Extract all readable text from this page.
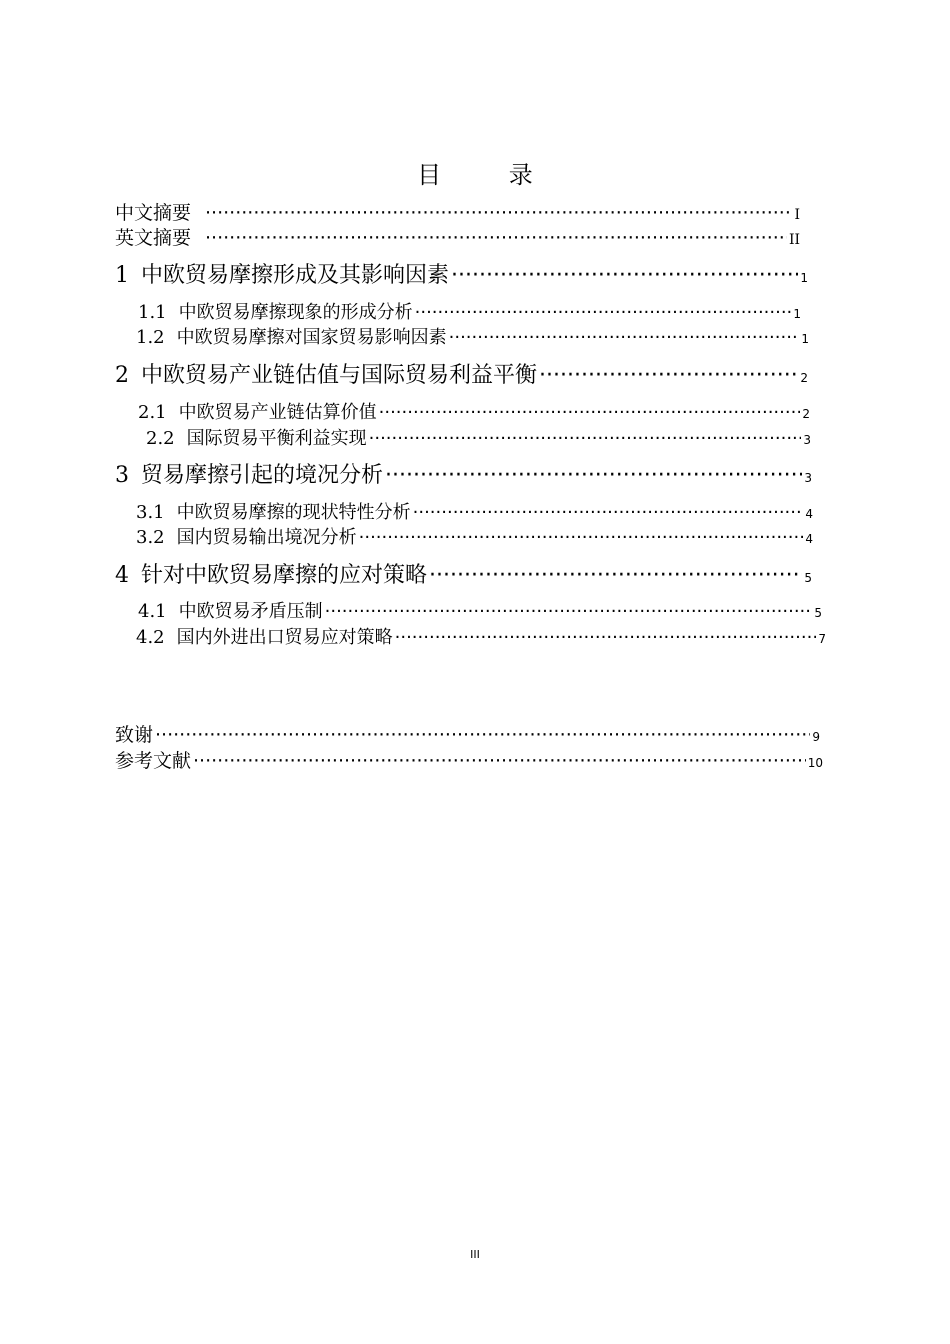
目 录
中文摘要 ·····	I
英文摘要 ·····	II
1 中欧贸易摩擦形成及其影响因素 ·····	1
1.1 中欧贸易摩擦现象的形成分析 ·····	1
1.2 中欧贸易摩擦对国家贸易影响因素 ·····	1
2 中欧贸易产业链估值与国际贸易利益平衡 ·····	2
2.1 中欧贸易产业链估算价值 ·····	2
2.2 国际贸易平衡利益实现 ·····	3
3 贸易摩擦引起的境况分析 ·····	3
3.1 中欧贸易摩擦的现状特性分析 ·····	4
3.2 国内贸易输出境况分析 ·····	4
4 针对中欧贸易摩擦的应对策略 ·····	5
4.1 中欧贸易矛盾压制 ·····	5
4.2 国内外进出口贸易应对策略 ·····	7
致谢 ·····	9
参考文献 ·····	10
III
